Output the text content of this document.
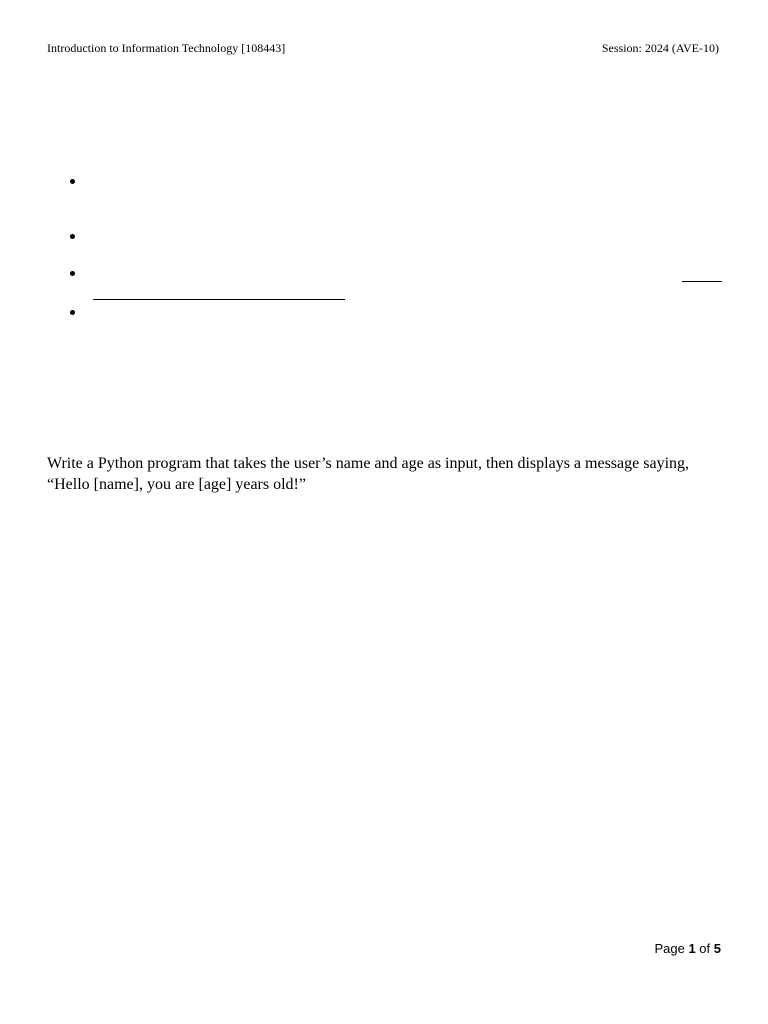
Introduction to Information Technology [108443]	Session: 2024 (AVE-10)
Write a Python program that takes the user’s name and age as input, then displays a message saying, “Hello [name], you are [age] years old!”
Page 1 of 5
